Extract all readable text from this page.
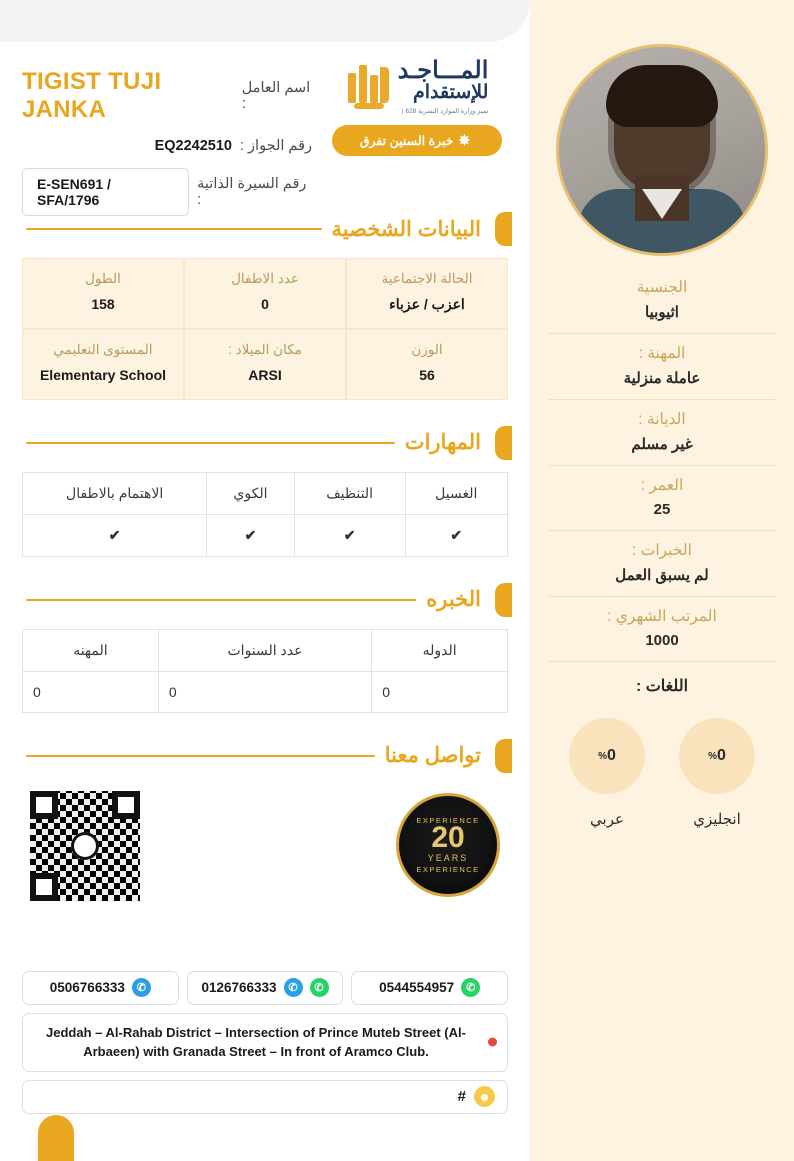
الجنسية
اثيوبيا
المهنة :
عاملة منزلية
الديانة :
غير مسلم
العمر :
25
الخبرات :
لم يسبق العمل
المرتب الشهري :
1000
اللغات :
0
%
انجليزي
0
%
عربي
المـــاجـد
للإستقدام
تميز وزارة الموارد البشرية 628 |
✸
خبرة السنين تفرق
اسم العامل :
TIGIST TUJI JANKA
رقم الجواز :
EQ2242510
رقم السيرة الذاتية :
E-SEN691 / SFA/1796
البيانات الشخصية
الحالة الاجتماعية
اعزب / عزباء
عدد الاطفال
0
الطول
158
الوزن
56
مكان الميلاد :
ARSI
المستوى التعليمي
Elementary School
المهارات
الغسيل	التنظيف	الكوي	الاهتمام بالاطفال
✔	✔	✔	✔
الخبره
الدوله	عدد السنوات	المهنه
0	0	0
تواصل معنا
EXPERIENCE
20
YEARS
EXPERIENCE
0544554957	✆
0126766333	✆	✆
0506766333	✆
Jeddah – Al-Rahab District – Intersection of Prince Muteb Street (Al-Arbaeen) with Granada Street – In front of Aramco Club.
☻
#
